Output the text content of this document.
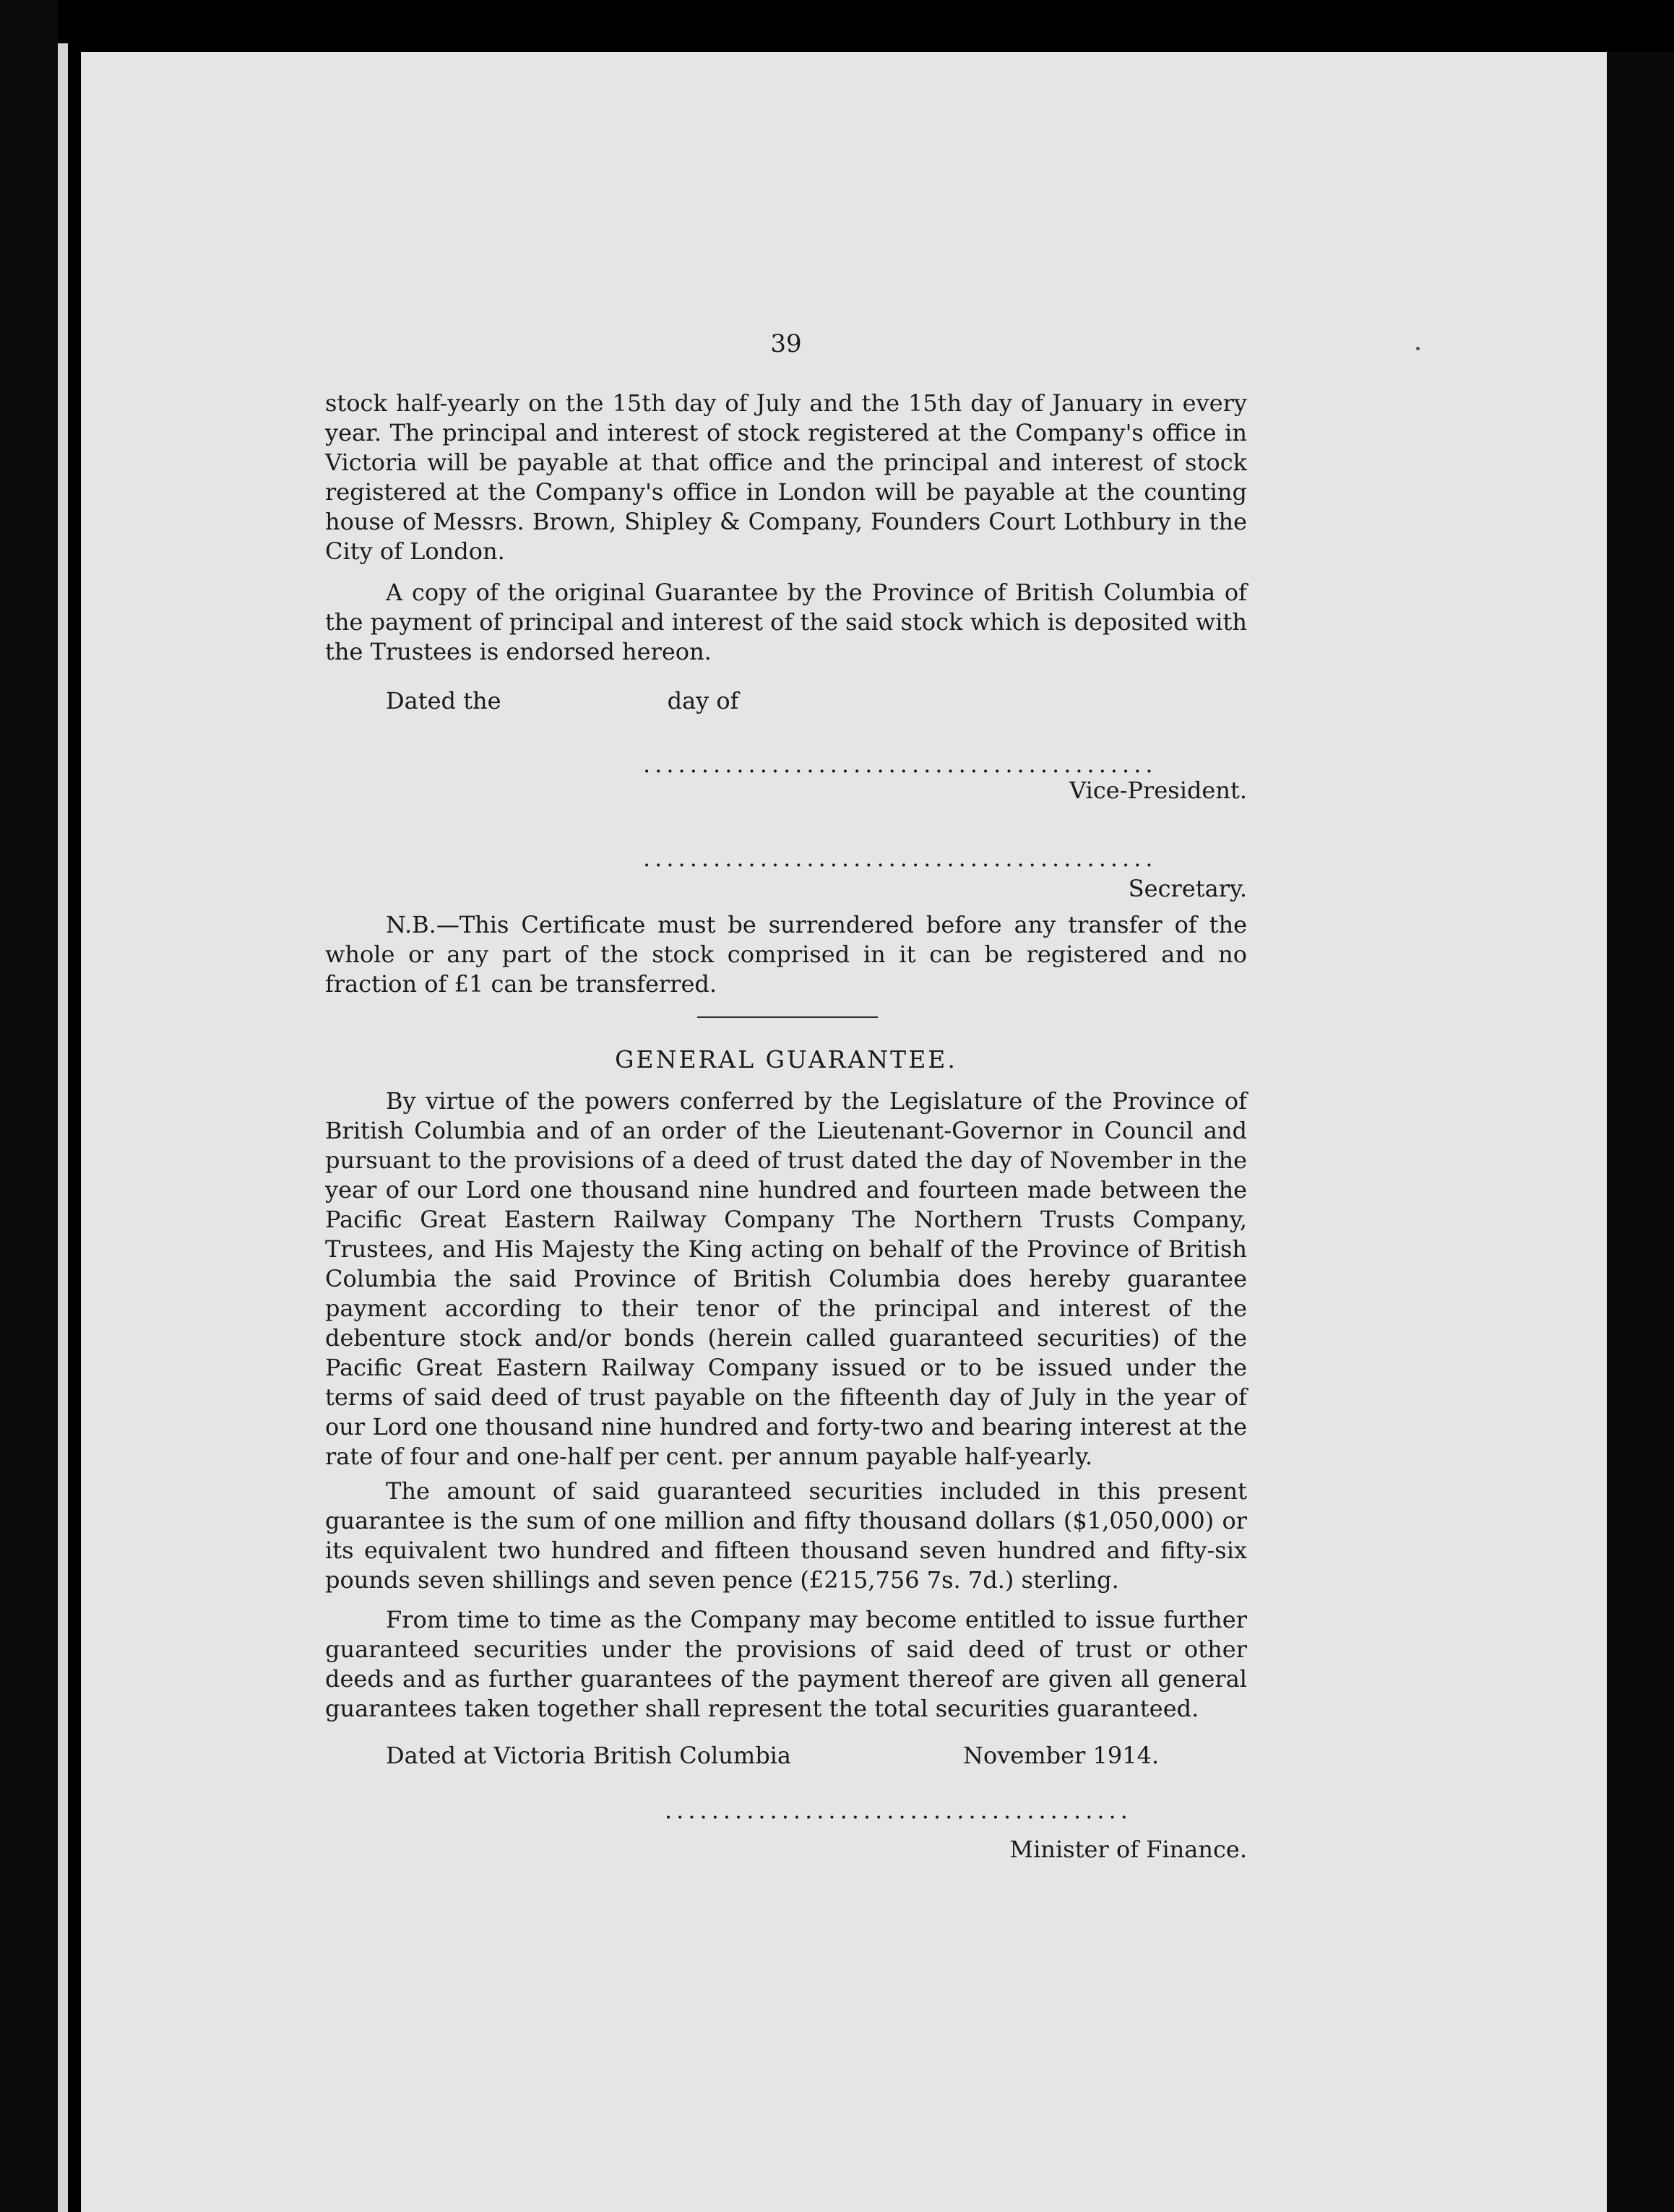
39

stock half-yearly on the 15th day of July and the 15th day of January in every year. The principal and interest of stock registered at the Company's office in Victoria will be payable at that office and the principal and interest of stock registered at the Company's office in London will be payable at the counting house of Messrs. Brown, Shipley & Company, Founders Court Lothbury in the City of London.

A copy of the original Guarantee by the Province of British Columbia of the payment of principal and interest of the said stock which is deposited with the Trustees is endorsed hereon.

Dated the	day of
............................................
Vice-President.
............................................
Secretary.

N.B.—This Certificate must be surrendered before any transfer of the whole or any part of the stock comprised in it can be registered and no fraction of £1 can be transferred.

GENERAL GUARANTEE.

By virtue of the powers conferred by the Legislature of the Province of British Columbia and of an order of the Lieutenant-Governor in Council and pursuant to the provisions of a deed of trust dated the day of November in the year of our Lord one thousand nine hundred and fourteen made between the Pacific Great Eastern Railway Company The Northern Trusts Company, Trustees, and His Majesty the King acting on behalf of the Province of British Columbia the said Province of British Columbia does hereby guarantee payment according to their tenor of the principal and interest of the debenture stock and/or bonds (herein called guaranteed securities) of the Pacific Great Eastern Railway Company issued or to be issued under the terms of said deed of trust payable on the fifteenth day of July in the year of our Lord one thousand nine hundred and forty-two and bearing interest at the rate of four and one-half per cent. per annum payable half-yearly.

The amount of said guaranteed securities included in this present guarantee is the sum of one million and fifty thousand dollars ($1,050,000) or its equivalent two hundred and fifteen thousand seven hundred and fifty-six pounds seven shillings and seven pence (£215,756 7s. 7d.) sterling.

From time to time as the Company may become entitled to issue further guaranteed securities under the provisions of said deed of trust or other deeds and as further guarantees of the payment thereof are given all general guarantees taken together shall represent the total securities guaranteed.

Dated at Victoria British Columbia	November 1914.
........................................
Minister of Finance.
